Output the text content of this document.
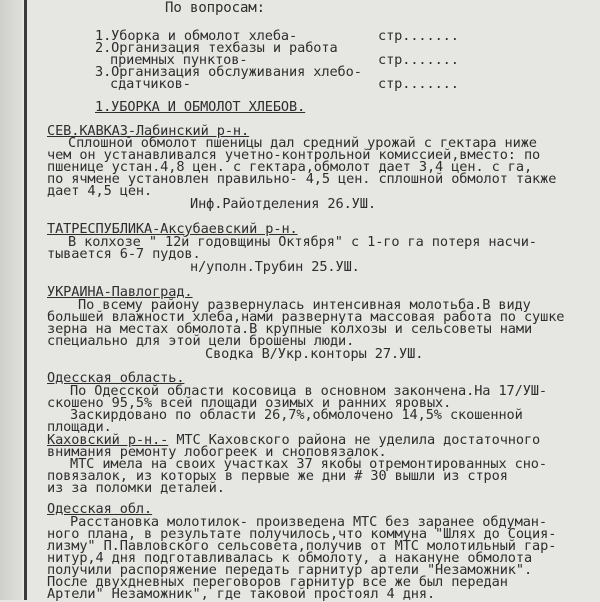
По вопросам:
1.Уборка и обмолот хлеба-	стр.......
2.Организация техбазы и работа
приемных пунктов-	стр.......
3.Организация обслуживания хлебо-
сдатчиков-	стр.......
1.УБОРКА И ОБМОЛОТ ХЛЕБОВ.
СЕВ.КАВКАЗ-Лабинский р-н.
Сплошной обмолот пшеницы дал средний урожай с гектара ниже
чем он устанавливался учетно-контрольной комиссией,вместо: по
пшенице устан.4,8 цен. с гектара,обмолот дает 3,4 цен. с га,
по ячмене установлен правильно- 4,5 цен. сплошной обмолот также
дает 4,5 цен.
Инф.Райотделения 26.УШ.
ТАТРЕСПУБЛИКА-Аксубаевский р-н.
В колхозе " 12й годовщины Октября" с 1-го га потеря насчи-
тывается 6-7 пудов.
н/уполн.Трубин 25.УШ.
УКРАИНА-Павлоград.
По всему району развернулась интенсивная молотьба.В виду
большей влажности хлеба,нами развернута массовая работа по сушке
зерна на местах обмолота.В крупные колхозы и сельсоветы нами
специально для этой цели брошены люди.
Сводка В/Укр.конторы 27.УШ.
Одесская область.
По Одесской области косовица в основном закончена.На 17/УШ-
скошено 95,5% всей площади озимых и ранних яровых.
Заскирдовано по области 26,7%,обмолочено 14,5% скошенной
площади.
Каховский р-н.- МТС Каховского района не уделила достаточного
внимания ремонту лобогреек и сноповязалок.
МТС имела на своих участках 37 якобы отремонтированных сно-
повязалок, из которых в первые же дни # 30 вышли из строя
из за поломки деталей.
Одесская обл.
Расстановка молотилок- произведена МТС без заранее обдуман-
ного плана, в результате получилось,что коммуна "Шлях до Соция-
лизму" П.Павловского сельсовета,получив от МТС молотильный гар-
нитур,4 дня подготавливалась к обмолоту, а накануне обмолота
получили распоряжение передать гарнитур артели "Незаможник".
После двухдневных переговоров гарнитур все же был передан
Артели" Незаможник", где таковой простоял 4 дня.
